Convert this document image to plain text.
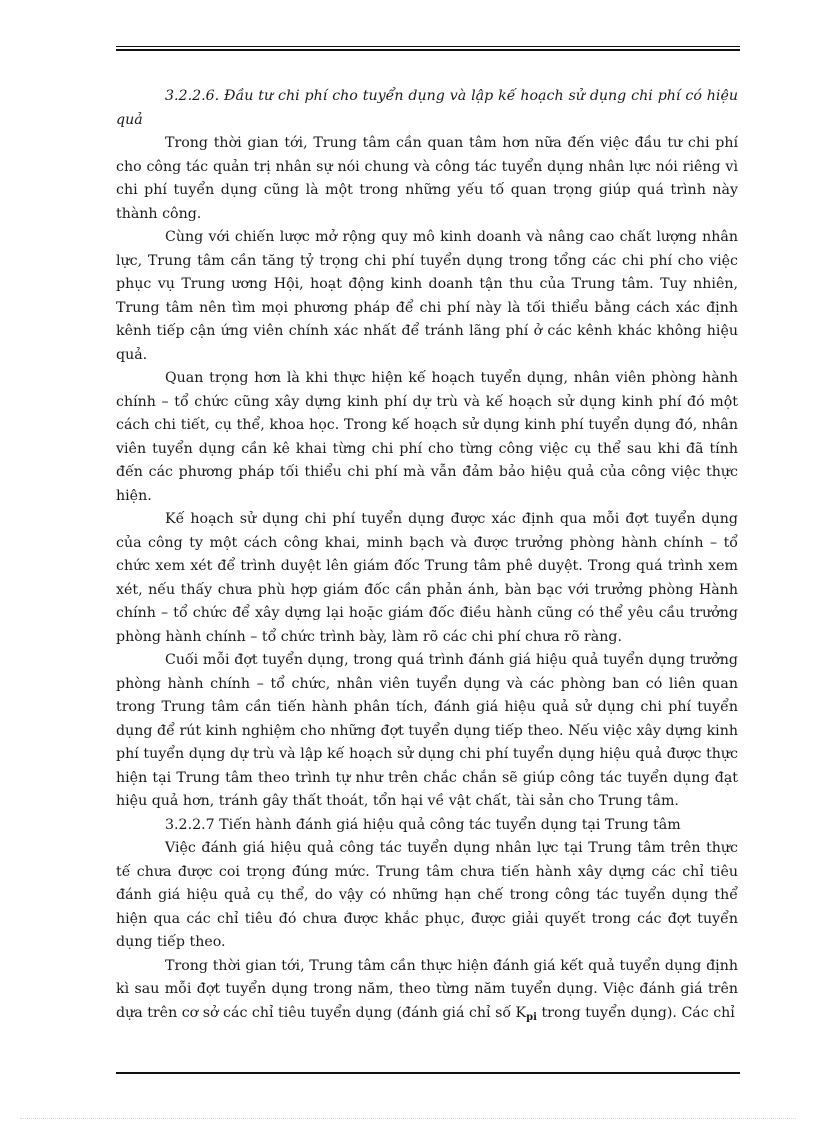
3.2.2.6. Đầu tư chi phí cho tuyển dụng và lập kế hoạch sử dụng chi phí có hiệu quả

Trong thời gian tới, Trung tâm cần quan tâm hơn nữa đến việc đầu tư chi phí cho công tác quản trị nhân sự nói chung và công tác tuyển dụng nhân lực nói riêng vì chi phí tuyển dụng cũng là một trong những yếu tố quan trọng giúp quá trình này thành công.

Cùng với chiến lược mở rộng quy mô kinh doanh và nâng cao chất lượng nhân lực, Trung tâm cần tăng tỷ trọng chi phí tuyển dụng trong tổng các chi phí cho việc phục vụ Trung ương Hội, hoạt động kinh doanh tận thu của Trung tâm. Tuy nhiên, Trung tâm nên tìm mọi phương pháp để chi phí này là tối thiểu bằng cách xác định kênh tiếp cận ứng viên chính xác nhất để tránh lãng phí ở các kênh khác không hiệu quả.

Quan trọng hơn là khi thực hiện kế hoạch tuyển dụng, nhân viên phòng hành chính – tổ chức cũng xây dựng kinh phí dự trù và kế hoạch sử dụng kinh phí đó một cách chi tiết, cụ thể, khoa học. Trong kế hoạch sử dụng kinh phí tuyển dụng đó, nhân viên tuyển dụng cần kê khai từng chi phí cho từng công việc cụ thể sau khi đã tính đến các phương pháp tối thiểu chi phí mà vẫn đảm bảo hiệu quả của công việc thực hiện.

Kế hoạch sử dụng chi phí tuyển dụng được xác định qua mỗi đợt tuyển dụng của công ty một cách công khai, minh bạch và được trưởng phòng hành chính – tổ chức xem xét để trình duyệt lên giám đốc Trung tâm phê duyệt. Trong quá trình xem xét, nếu thấy chưa phù hợp giám đốc cần phản ánh, bàn bạc với trưởng phòng Hành chính – tổ chức để xây dựng lại hoặc giám đốc điều hành cũng có thể yêu cầu trưởng phòng hành chính – tổ chức trình bày, làm rõ các chi phí chưa rõ ràng.

Cuối mỗi đợt tuyển dụng, trong quá trình đánh giá hiệu quả tuyển dụng trưởng phòng hành chính – tổ chức, nhân viên tuyển dụng và các phòng ban có liên quan trong Trung tâm cần tiến hành phân tích, đánh giá hiệu quả sử dụng chi phí tuyển dụng để rút kinh nghiệm cho những đợt tuyển dụng tiếp theo. Nếu việc xây dựng kinh phí tuyển dụng dự trù và lập kế hoạch sử dụng chi phí tuyển dụng hiệu quả được thực hiện tại Trung tâm theo trình tự như trên chắc chắn sẽ giúp công tác tuyển dụng đạt hiệu quả hơn, tránh gây thất thoát, tổn hại về vật chất, tài sản cho Trung tâm.

3.2.2.7 Tiến hành đánh giá hiệu quả công tác tuyển dụng tại Trung tâm

Việc đánh giá hiệu quả công tác tuyển dụng nhân lực tại Trung tâm trên thực tế chưa được coi trọng đúng mức. Trung tâm chưa tiến hành xây dựng các chỉ tiêu đánh giá hiệu quả cụ thể, do vậy có những hạn chế trong công tác tuyển dụng thể hiện qua các chỉ tiêu đó chưa được khắc phục, được giải quyết trong các đợt tuyển dụng tiếp theo.

Trong thời gian tới, Trung tâm cần thực hiện đánh giá kết quả tuyển dụng định kì sau mỗi đợt tuyển dụng trong năm, theo từng năm tuyển dụng. Việc đánh giá trên dựa trên cơ sở các chỉ tiêu tuyển dụng (đánh giá chỉ số $K_{pi}$ trong tuyển dụng). Các chỉ
